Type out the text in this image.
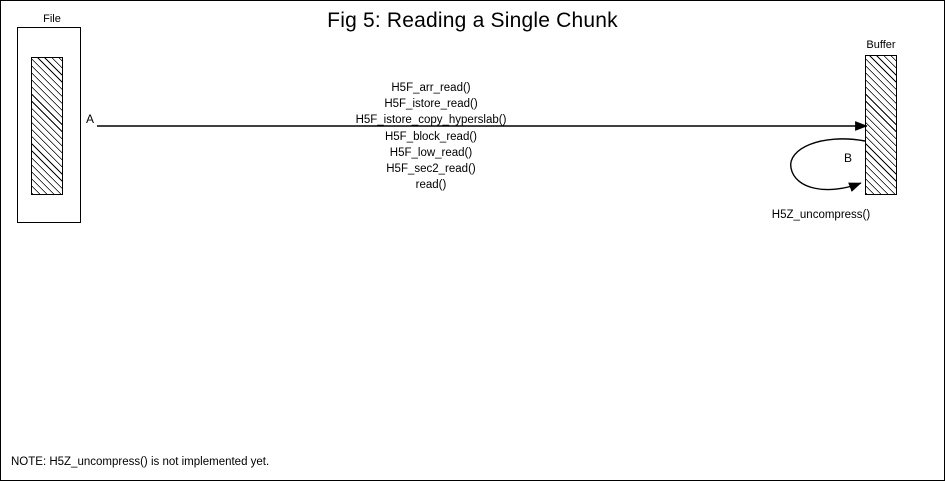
Fig 5: Reading a Single Chunk
File
Buffer
A
B
H5F_arr_read()
H5F_istore_read()
H5F_istore_copy_hyperslab()
H5F_block_read()
H5F_low_read()
H5F_sec2_read()
read()
H5Z_uncompress()
NOTE: H5Z_uncompress() is not implemented yet.
